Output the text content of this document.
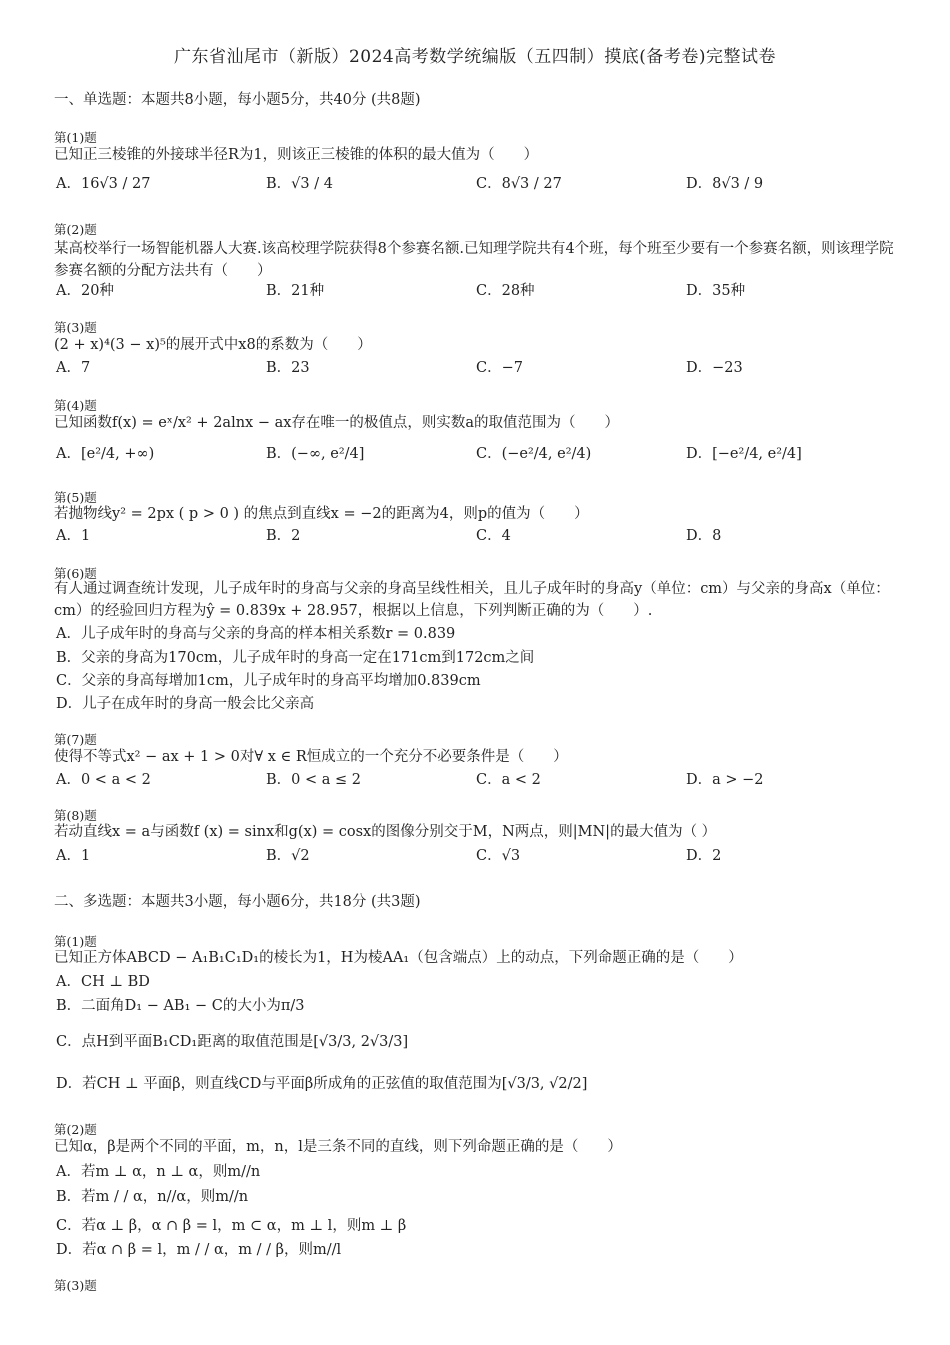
广东省汕尾市（新版）2024高考数学统编版（五四制）摸底(备考卷)完整试卷
一、单选题：本题共8小题，每小题5分，共40分 (共8题)
第(1)题
已知正三棱锥的外接球半径R为1，则该正三棱锥的体积的最大值为（　　）
A．16√3 / 27	B．√3 / 4	C．8√3 / 27	D．8√3 / 9
第(2)题
某高校举行一场智能机器人大赛.该高校理学院获得8个参赛名额.已知理学院共有4个班，每个班至少要有一个参赛名额，则该理学院参赛名额的分配方法共有（　　）
A．20种	B．21种	C．28种	D．35种
第(3)题
(2 + x)⁴(3 − x)⁵的展开式中x8的系数为（　　）
A．7	B．23	C．−7	D．−23
第(4)题
已知函数f(x) = eˣ/x² + 2alnx − ax存在唯一的极值点，则实数a的取值范围为（　　）
A．[e²/4, +∞)	B．(−∞, e²/4]	C．(−e²/4, e²/4)	D．[−e²/4, e²/4]
第(5)题
若抛物线y² = 2px ( p > 0 ) 的焦点到直线x = −2的距离为4，则p的值为（　　）
A．1	B．2	C．4	D．8
第(6)题
有人通过调查统计发现，儿子成年时的身高与父亲的身高呈线性相关，且儿子成年时的身高y（单位：cm）与父亲的身高x（单位：cm）的经验回归方程为ŷ = 0.839x + 28.957，根据以上信息，下列判断正确的为（　　）.
A．儿子成年时的身高与父亲的身高的样本相关系数r = 0.839
B．父亲的身高为170cm，儿子成年时的身高一定在171cm到172cm之间
C．父亲的身高每增加1cm，儿子成年时的身高平均增加0.839cm
D．儿子在成年时的身高一般会比父亲高
第(7)题
使得不等式x² − ax + 1 > 0对∀ x ∈ R恒成立的一个充分不必要条件是（　　）
A．0 < a < 2	B．0 < a ≤ 2	C．a < 2	D．a > −2
第(8)题
若动直线x = a与函数f (x) = sinx和g(x) = cosx的图像分别交于M，N两点，则|MN|的最大值为（ ）
A．1	B．√2	C．√3	D．2
二、多选题：本题共3小题，每小题6分，共18分 (共3题)
第(1)题
已知正方体ABCD − A₁B₁C₁D₁的棱长为1，H为棱AA₁（包含端点）上的动点，下列命题正确的是（　　）
A．CH ⊥ BD
B．二面角D₁ − AB₁ − C的大小为π/3
C．点H到平面B₁CD₁距离的取值范围是[√3/3, 2√3/3]
D．若CH ⊥ 平面β，则直线CD与平面β所成角的正弦值的取值范围为[√3/3, √2/2]
第(2)题
已知α，β是两个不同的平面，m，n，l是三条不同的直线，则下列命题正确的是（　　）
A．若m ⊥ α，n ⊥ α，则m//n
B．若m / / α，n//α，则m//n
C．若α ⊥ β，α ∩ β = l，m ⊂ α，m ⊥ l，则m ⊥ β
D．若α ∩ β = l，m / / α，m / / β，则m//l
第(3)题
